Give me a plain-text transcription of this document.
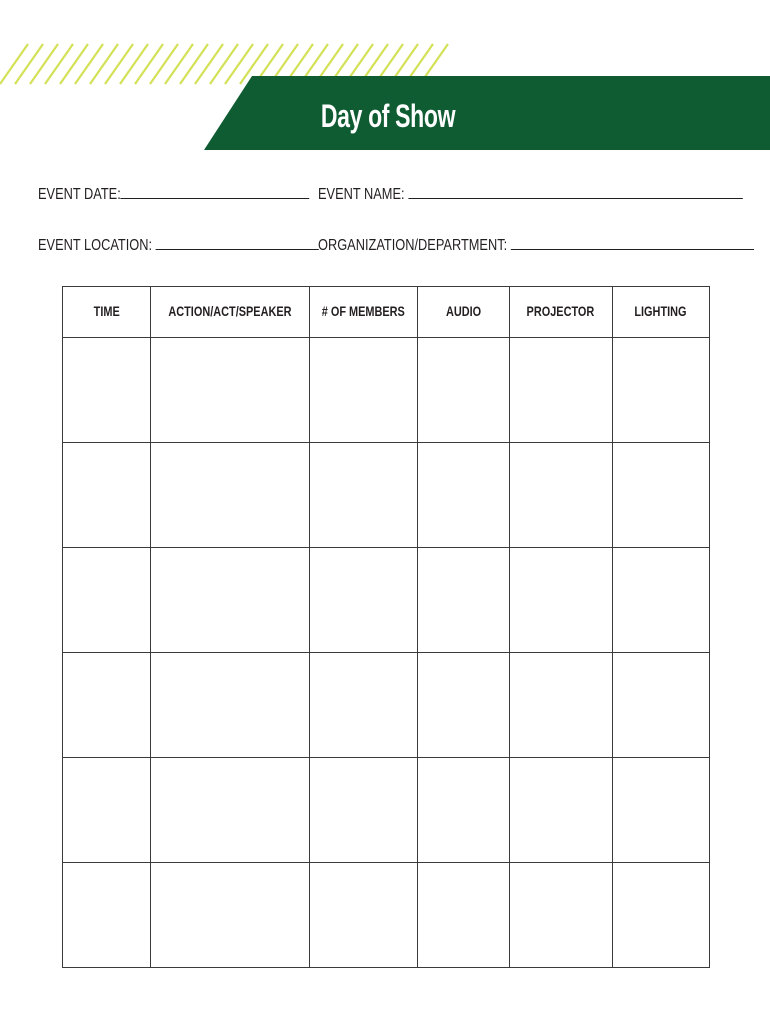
Day of Show
EVENT DATE:	EVENT NAME:
EVENT LOCATION:	ORGANIZATION/DEPARTMENT:
TIME	ACTION/ACT/SPEAKER	# OF MEMBERS	AUDIO	PROJECTOR	LIGHTING
